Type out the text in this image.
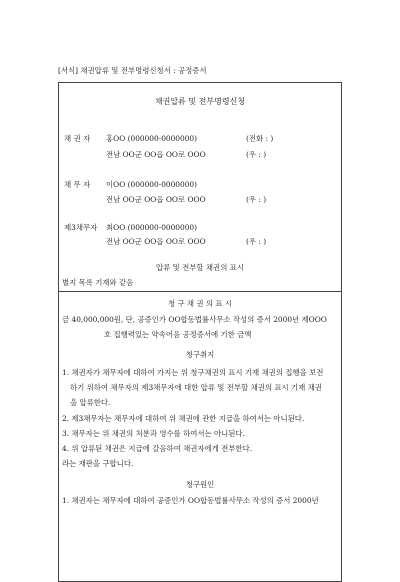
[서식] 채권압류 및 전부명령신청서 : 공정증서
채권압류 및 전부명령신청
채 권 자 홍OO (000000-0000000)	(전화 : )
전남 OO군 OO읍 OO로 OOO	(우 : )
채 무 자 이OO (000000-0000000)
전남 OO군 OO읍 OO로 OOO	(우 : )
제3채무자 최OO (000000-0000000)
전남 OO군 OO읍 OO로 OOO	(우 : )
압류 및 전부할 채권의 표시
별지 목록 기재와 같음
청 구 채 권 의 표 시
금 40,000,000원, 단, 공증인가 OO합동법률사무소 작성의 증서 2000년 제OOO
호 집행력있는 약속어음 공정증서에 기한 금액
청구취지
1. 채권자가 채무자에 대하여 가지는 위 청구채권의 표시 기재 채권의 집행을 보전
하기 위하여 채무자의 제3채무자에 대한 압류 및 전부할 채권의 표시 기재 채권
을 압류한다.
2. 제3채무자는 채무자에 대하여 위 채권에 관한 지급을 하여서는 아니된다.
3. 채무자는 위 채권의 처분과 영수를 하여서는 아니된다.
4. 위 압류된 채권은 지급에 갈음하여 채권자에게 전부한다.
라는 재판을 구합니다.
청구원인
1. 채권자는 채무자에 대하여 공증인가 OO합동법률사무소 작성의 증서 2000년
